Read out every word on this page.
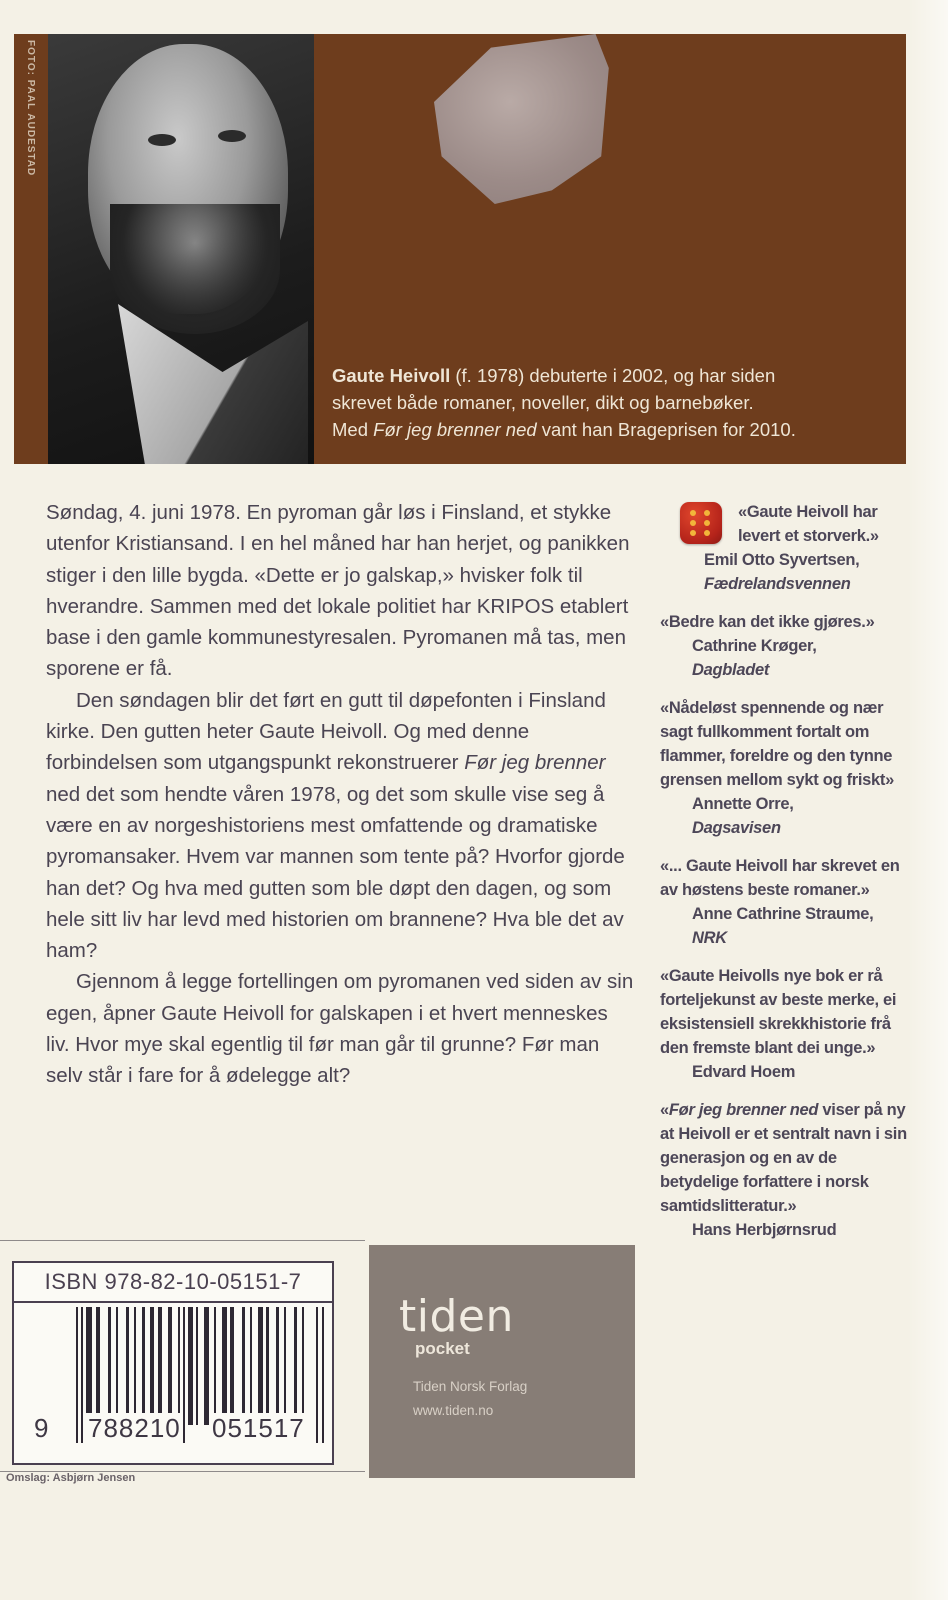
FOTO: PAAL AUDESTAD
Gaute Heivoll (f. 1978) debuterte i 2002, og har siden
skrevet både romaner, noveller, dikt og barnebøker.
Med Før jeg brenner ned vant han Brageprisen for 2010.

Søndag, 4. juni 1978. En pyroman går løs i Finsland, et stykke utenfor Kristiansand. I en hel måned har han herjet, og panikken stiger i den lille bygda. «Dette er jo galskap,» hvisker folk til hverandre. Sammen med det lokale politiet har KRIPOS etablert base i den gamle kommunestyresalen. Pyromanen må tas, men sporene er få.

Den søndagen blir det ført en gutt til døpefonten i Finsland kirke. Den gutten heter Gaute Heivoll. Og med denne forbindelsen som utgangspunkt rekonstruerer Før jeg brenner ned det som hendte våren 1978, og det som skulle vise seg å være en av norgeshistoriens mest omfattende og dramatiske pyromansaker. Hvem var mannen som tente på? Hvorfor gjorde han det? Og hva med gutten som ble døpt den dagen, og som hele sitt liv har levd med historien om brannene? Hva ble det av ham?

Gjennom å legge fortellingen om pyromanen ved siden av sin egen, åpner Gaute Heivoll for galskapen i et hvert menneskes liv. Hvor mye skal egentlig til før man går til grunne? Før man selv står i fare for å ødelegge alt?

«Gaute Heivoll har levert et storverk.»
Emil Otto Syvertsen,
Fædrelandsvennen
«Bedre kan det ikke gjøres.»
Cathrine Krøger,
Dagbladet
«Nådeløst spennende og nær sagt fullkomment fortalt om flammer, foreldre og den tynne grensen mellom sykt og friskt»
Annette Orre,
Dagsavisen
«... Gaute Heivoll har skrevet en av høstens beste romaner.»
Anne Cathrine Straume,
NRK
«Gaute Heivolls nye bok er rå forteljekunst av beste merke, ei eksistensiell skrekkhistorie frå den fremste blant dei unge.»
Edvard Hoem
«Før jeg brenner ned viser på ny at Heivoll er et sentralt navn i sin generasjon og en av de betydelige forfattere i norsk samtidslitteratur.»
Hans Herbjørnsrud
ISBN 978-82-10-05151-7
9 788210 051517
tiden
pocket
Tiden Norsk Forlag
www.tiden.no
Omslag: Asbjørn Jensen
